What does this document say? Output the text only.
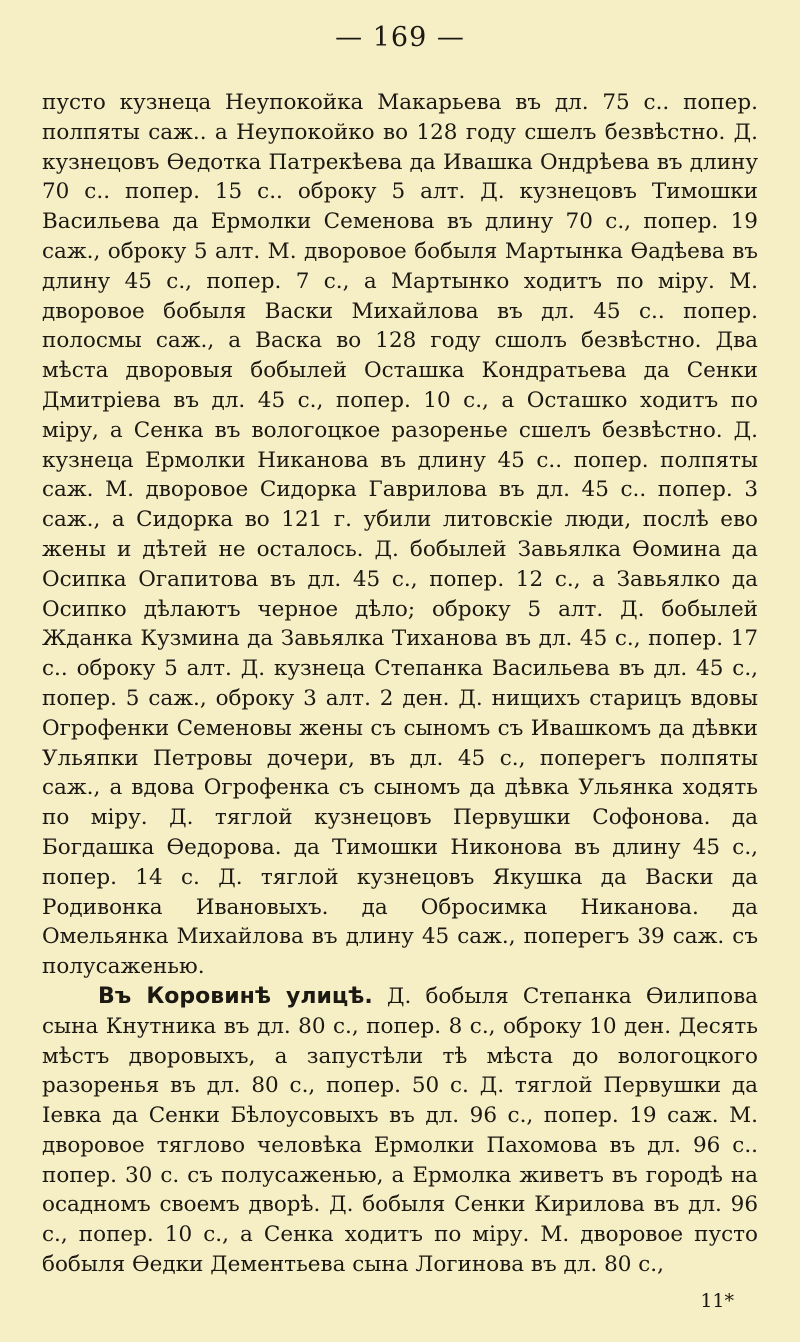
— 169 —

пусто кузнеца Неупокойка Макарьева въ дл. 75 с.. попер. полпяты саж.. а Неупокойко во 128 году сшелъ безвѣстно. Д. кузнецовъ Ѳедотка Патрекѣева да Ивашка Ондрѣева въ длину 70 с.. попер. 15 с.. оброку 5 алт. Д. кузнецовъ Тимошки Васильева да Ермолки Семенова въ длину 70 с., попер. 19 саж., оброку 5 алт. М. дворовое бобыля Мартынка Ѳадѣева въ длину 45 с., попер. 7 с., а Мартынко ходитъ по міру. М. дворовое бобыля Васки Михайлова въ дл. 45 с.. попер. полосмы саж., а Васка во 128 году сшолъ безвѣстно. Два мѣста дворовыя бобылей Осташка Кондратьева да Сенки Дмитріева въ дл. 45 с., попер. 10 с., а Осташко ходитъ по міру, а Сенка въ вологоцкое разоренье сшелъ безвѣстно. Д. кузнеца Ермолки Никанова въ длину 45 с.. попер. полпяты саж. М. дворовое Сидорка Гаврилова въ дл. 45 с.. попер. 3 саж., а Сидорка во 121 г. убили литовскіе люди, послѣ ево жены и дѣтей не осталось. Д. бобылей Завьялка Ѳомина да Осипка Огапитова въ дл. 45 с., попер. 12 с., а Завьялко да Осипко дѣлаютъ черное дѣло; оброку 5 алт. Д. бобылей Жданка Кузмина да Завьялка Тиханова въ дл. 45 с., попер. 17 с.. оброку 5 алт. Д. кузнеца Степанка Васильева въ дл. 45 с., попер. 5 саж., оброку 3 алт. 2 ден. Д. нищихъ старицъ вдовы Огрофенки Семеновы жены съ сыномъ съ Ивашкомъ да дѣвки Ульяпки Петровы дочери, въ дл. 45 с., поперегъ полпяты саж., а вдова Огрофенка съ сыномъ да дѣвка Ульянка ходять по міру. Д. тяглой кузнецовъ Первушки Софонова. да Богдашка Ѳедорова. да Тимошки Никонова въ длину 45 с., попер. 14 с. Д. тяглой кузнецовъ Якушка да Васки да Родивонка Ивановыхъ. да Обросимка Никанова. да Омельянка Михайлова въ длину 45 саж., поперегъ 39 саж. съ полусаженью.

Въ Коровинѣ улицѣ. Д. бобыля Степанка Ѳилипова сына Кнутника въ дл. 80 с., попер. 8 с., оброку 10 ден. Десять мѣстъ дворовыхъ, а запустѣли тѣ мѣста до вологоцкого разоренья въ дл. 80 с., попер. 50 с. Д. тяглой Первушки да Іевка да Сенки Бѣлоусовыхъ въ дл. 96 с., попер. 19 саж. М. дворовое тяглово человѣка Ермолки Пахомова въ дл. 96 с.. попер. 30 с. съ полусаженью, а Ермолка живетъ въ городѣ на осадномъ своемъ дворѣ. Д. бобыля Сенки Кирилова въ дл. 96 с., попер. 10 с., а Сенка ходитъ по міру. М. дворовое пусто бобыля Ѳедки Дементьева сына Логинова въ дл. 80 с.,

11*
